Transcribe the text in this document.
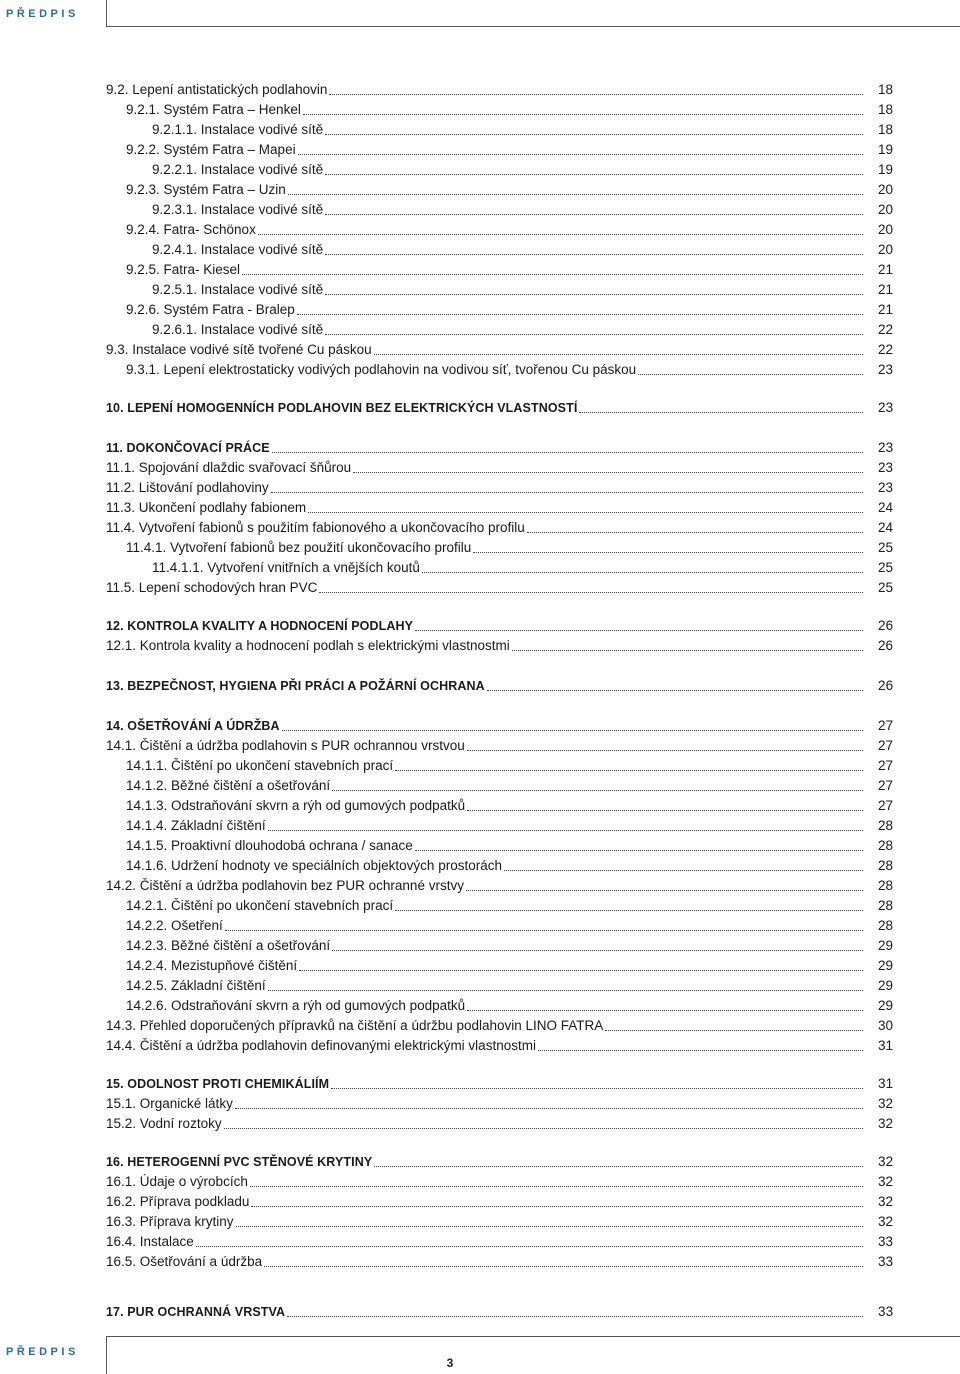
PŘEDPIS
9.2. Lepení antistatických podlahovin	18
9.2.1. Systém Fatra – Henkel	18
9.2.1.1. Instalace vodivé sítě	18
9.2.2. Systém Fatra – Mapei	19
9.2.2.1. Instalace vodivé sítě	19
9.2.3. Systém Fatra – Uzin	20
9.2.3.1. Instalace vodivé sítě	20
9.2.4. Fatra- Schönox	20
9.2.4.1. Instalace vodivé sítě	20
9.2.5. Fatra- Kiesel	21
9.2.5.1. Instalace vodivé sítě	21
9.2.6. Systém Fatra - Bralep	21
9.2.6.1. Instalace vodivé sítě	22
9.3. Instalace vodivé sítě tvořené Cu páskou	22
9.3.1. Lepení elektrostaticky vodivých podlahovin na vodivou síť, tvořenou Cu páskou	23
10. LEPENÍ HOMOGENNÍCH PODLAHOVIN BEZ ELEKTRICKÝCH VLASTNOSTÍ	23
11. DOKONČOVACÍ PRÁCE	23
11.1. Spojování dlaždic svařovací šňůrou	23
11.2. Lištování podlahoviny	23
11.3. Ukončení podlahy fabionem	24
11.4. Vytvoření fabionů s použitím fabionového a ukončovacího profilu	24
11.4.1. Vytvoření fabionů bez použití ukončovacího profilu	25
11.4.1.1. Vytvoření vnitřních a vnějších koutů	25
11.5. Lepení schodových hran PVC	25
12. KONTROLA KVALITY A HODNOCENÍ PODLAHY	26
12.1. Kontrola kvality a hodnocení podlah s elektrickými vlastnostmi	26
13. BEZPEČNOST, HYGIENA PŘI PRÁCI A POŽÁRNÍ OCHRANA	26
14. OŠETŘOVÁNÍ A ÚDRŽBA	27
14.1. Čištění a údržba podlahovin s PUR ochrannou vrstvou	27
14.1.1. Čištění po ukončení stavebních prací	27
14.1.2. Běžné čištění a ošetřování	27
14.1.3. Odstraňování skvrn a rýh od gumových podpatků	27
14.1.4. Základní čištění	28
14.1.5. Proaktivní dlouhodobá ochrana / sanace	28
14.1.6. Udržení hodnoty ve speciálních objektových prostorách	28
14.2. Čištění a údržba podlahovin bez PUR ochranné vrstvy	28
14.2.1. Čištění po ukončení stavebních prací	28
14.2.2. Ošetření	28
14.2.3. Běžné čištění a ošetřování	29
14.2.4. Mezistupňové čištění	29
14.2.5. Základní čištění	29
14.2.6. Odstraňování skvrn a rýh od gumových podpatků	29
14.3. Přehled doporučených přípravků na čištění a údržbu podlahovin LINO FATRA	30
14.4. Čištění a údržba podlahovin definovanými elektrickými vlastnostmi	31
15. ODOLNOST PROTI CHEMIKÁLIÍM	31
15.1. Organické látky	32
15.2. Vodní roztoky	32
16. HETEROGENNÍ PVC STĚNOVÉ KRYTINY	32
16.1. Údaje o výrobcích	32
16.2. Příprava podkladu	32
16.3. Příprava krytiny	32
16.4. Instalace	33
16.5. Ošetřování a údržba	33
17. PUR OCHRANNÁ VRSTVA	33
PŘEDPIS
3
